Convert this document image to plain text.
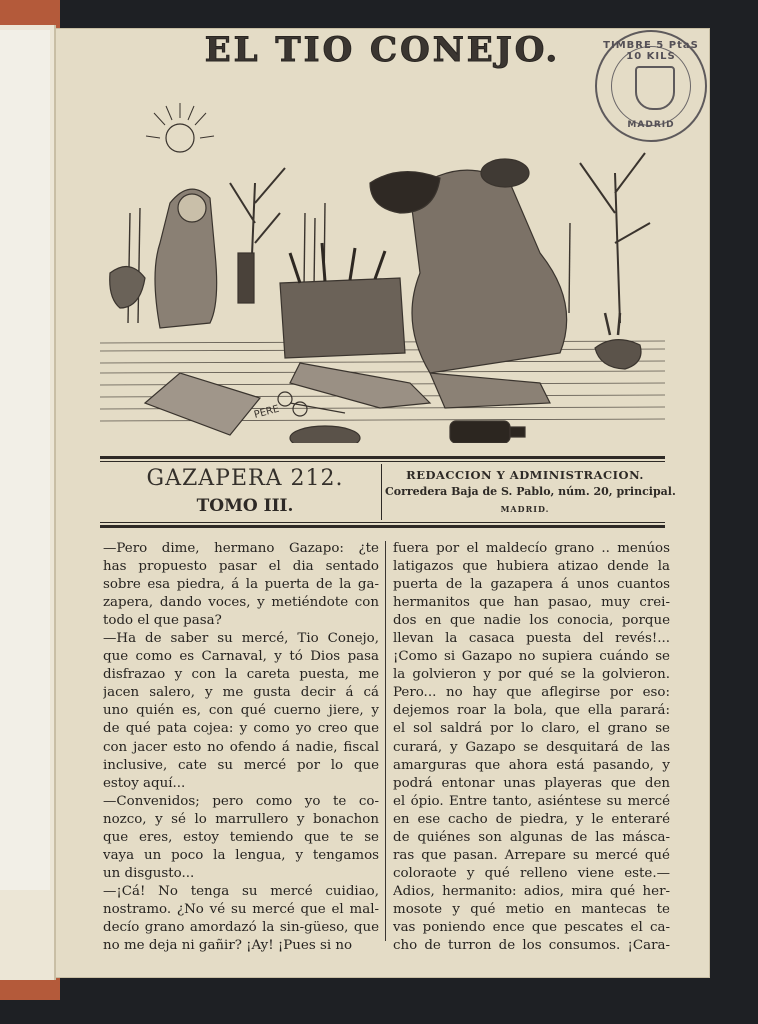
EL TIO CONEJO.	TIMBRE 5 PtaS 10 KILS
MADRID
PERE
GAZAPERA 212.
TOMO III.
REDACCION Y ADMINISTRACION.
Corredera Baja de S. Pablo, núm. 20, principal.
MADRID.
—Pero dime, hermano Gazapo: ¿te
has propuesto pasar el dia sentado
sobre esa piedra, á la puerta de la ga-
zapera, dando voces, y metiéndote con
todo el que pasa?
—Ha de saber su mercé, Tio Conejo,
que como es Carnaval, y tó Dios pasa
disfrazao y con la careta puesta, me
jacen salero, y me gusta decir á cá
uno quién es, con qué cuerno jiere, y
de qué pata cojea: y como yo creo que
con jacer esto no ofendo á nadie, fiscal
inclusive, cate su mercé por lo que
estoy aquí...
—Convenidos; pero como yo te co-
nozco, y sé lo marrullero y bonachon
que eres, estoy temiendo que te se
vaya un poco la lengua, y tengamos
un disgusto...
—¡Cá! No tenga su mercé cuidiao,
nostramo. ¿No vé su mercé que el mal-
decío grano amordazó la sin-güeso, que
no me deja ni gañir? ¡Ay! ¡Pues si no
fuera por el maldecío grano .. menúos
latigazos que hubiera atizao dende la
puerta de la gazapera á unos cuantos
hermanitos que han pasao, muy crei-
dos en que nadie los conocia, porque
llevan la casaca puesta del revés!...
¡Como si Gazapo no supiera cuándo se
la golvieron y por qué se la golvieron.
Pero... no hay que aflegirse por eso:
dejemos roar la bola, que ella parará:
el sol saldrá por lo claro, el grano se
curará, y Gazapo se desquitará de las
amarguras que ahora está pasando, y
podrá entonar unas playeras que den
el ópio. Entre tanto, asiéntese su mercé
en ese cacho de piedra, y le enteraré
de quiénes son algunas de las másca-
ras que pasan. Arrepare su mercé qué
coloraote y qué relleno viene este.—
Adios, hermanito: adios, mira qué her-
mosote y qué metio en mantecas te
vas poniendo ence que pescates el ca-
cho de turron de los consumos. ¡Cara-
